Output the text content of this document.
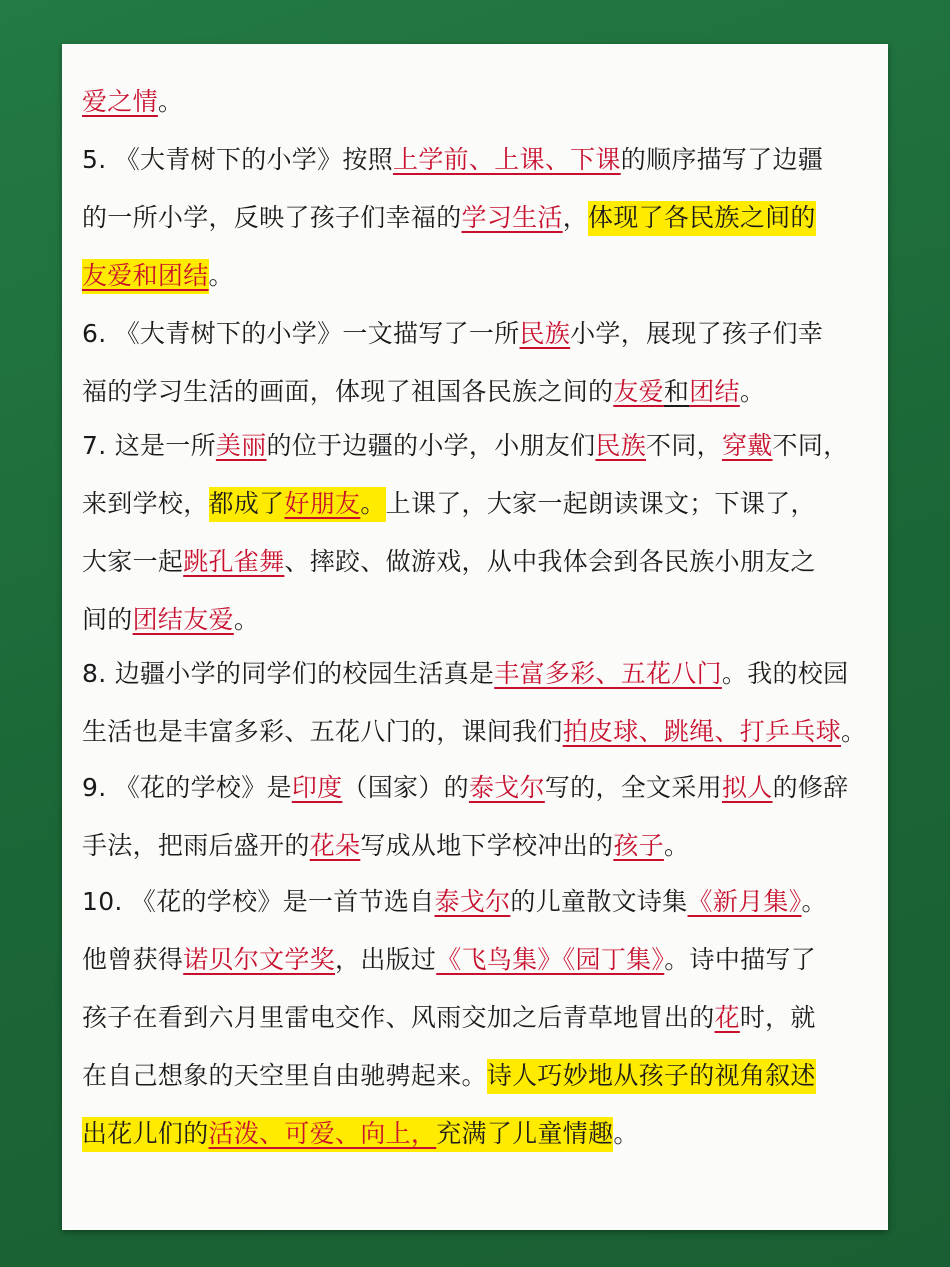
爱之情。
5. 《大青树下的小学》按照上学前、上课、下课的顺序描写了边疆
的一所小学，反映了孩子们幸福的学习生活，体现了各民族之间的
友爱和团结。
6. 《大青树下的小学》一文描写了一所民族小学，展现了孩子们幸
福的学习生活的画面，体现了祖国各民族之间的友爱和团结。
7. 这是一所美丽的位于边疆的小学，小朋友们民族不同，穿戴不同，
来到学校，都成了好朋友。上课了，大家一起朗读课文；下课了，
大家一起跳孔雀舞、摔跤、做游戏，从中我体会到各民族小朋友之
间的团结友爱。
8. 边疆小学的同学们的校园生活真是丰富多彩、五花八门。我的校园
生活也是丰富多彩、五花八门的，课间我们拍皮球、跳绳、打乒乓球。
9. 《花的学校》是印度（国家）的泰戈尔写的，全文采用拟人的修辞
手法，把雨后盛开的花朵写成从地下学校冲出的孩子。
10. 《花的学校》是一首节选自泰戈尔的儿童散文诗集《新月集》。
他曾获得诺贝尔文学奖，出版过《飞鸟集》《园丁集》。诗中描写了
孩子在看到六月里雷电交作、风雨交加之后青草地冒出的花时，就
在自己想象的天空里自由驰骋起来。诗人巧妙地从孩子的视角叙述
出花儿们的活泼、可爱、向上，充满了儿童情趣。
